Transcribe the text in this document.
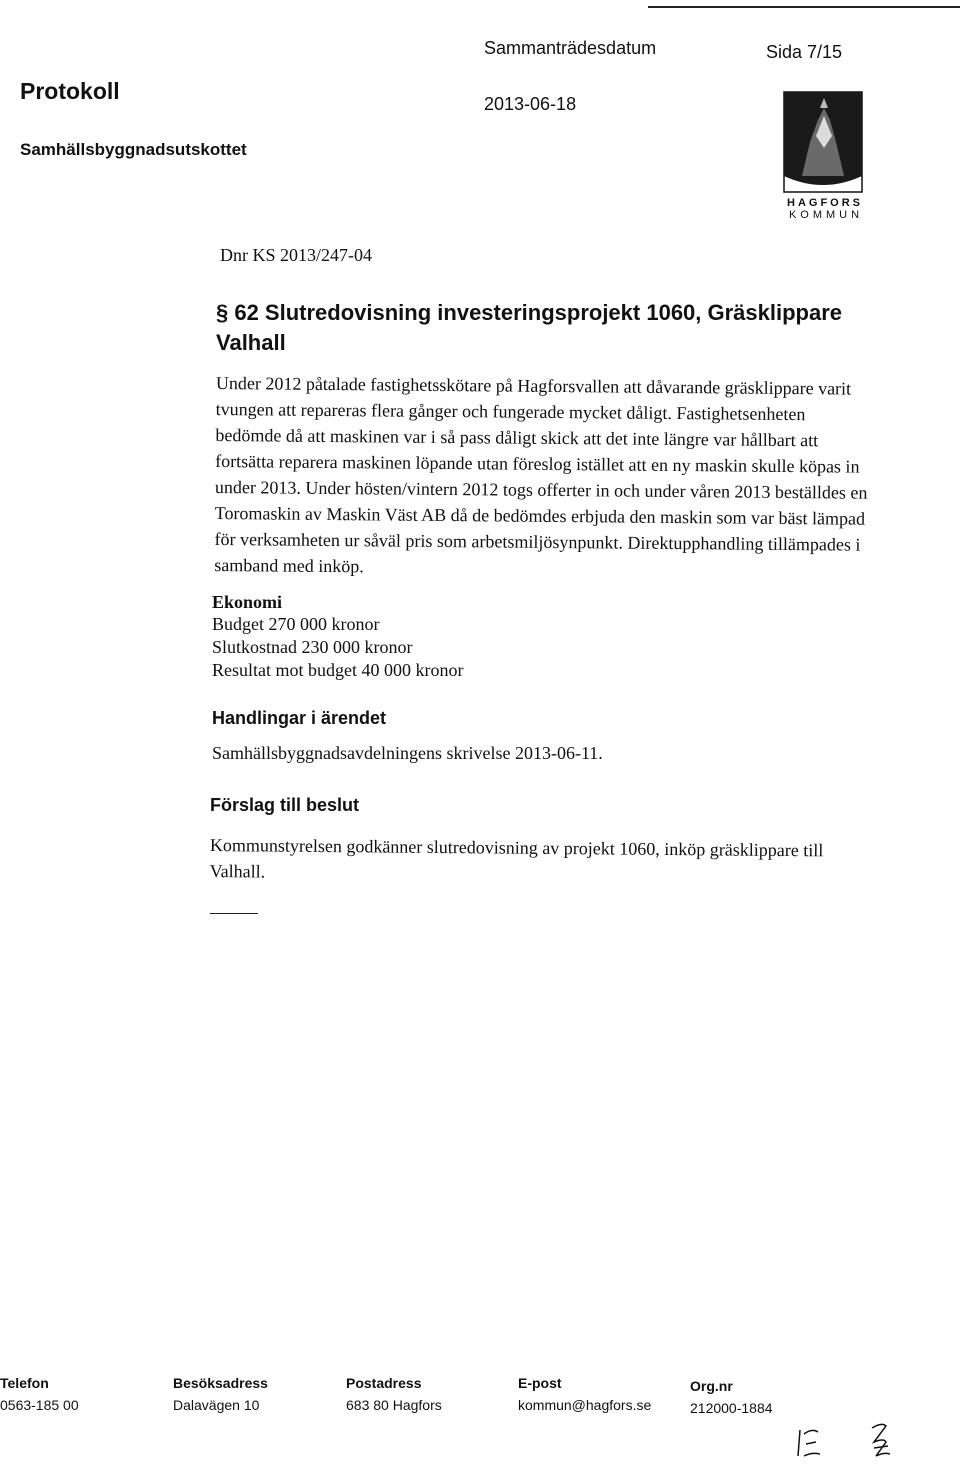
Protokoll
Samhällsbyggnadsutskottet
Sammanträdesdatum	Sida 7/15
2013-06-18
HAGFORS
KOMMUN
Dnr KS 2013/247-04
§ 62 Slutredovisning investeringsprojekt 1060, Gräsklippare Valhall

Under 2012 påtalade fastighetsskötare på Hagforsvallen att dåvarande gräsklippare varit tvungen att repareras flera gånger och fungerade mycket dåligt. Fastighetsenheten bedömde då att maskinen var i så pass dåligt skick att det inte längre var hållbart att fortsätta reparera maskinen löpande utan föreslog istället att en ny maskin skulle köpas in under 2013. Under hösten/vintern 2012 togs offerter in och under våren 2013 beställdes en Toromaskin av Maskin Väst AB då de bedömdes erbjuda den maskin som var bäst lämpad för verksamheten ur såväl pris som arbetsmiljösynpunkt. Direktupphandling tillämpades i samband med inköp.

Ekonomi
Budget 270 000 kronor
Slutkostnad 230 000 kronor
Resultat mot budget 40 000 kronor
Handlingar i ärendet
Samhällsbyggnadsavdelningens skrivelse 2013-06-11.
Förslag till beslut

Kommunstyrelsen godkänner slutredovisning av projekt 1060, inköp gräsklippare till Valhall.

Telefon
0563-185 00
Besöksadress
Dalavägen 10
Postadress
683 80 Hagfors
E-post
kommun@hagfors.se
Org.nr
212000-1884
